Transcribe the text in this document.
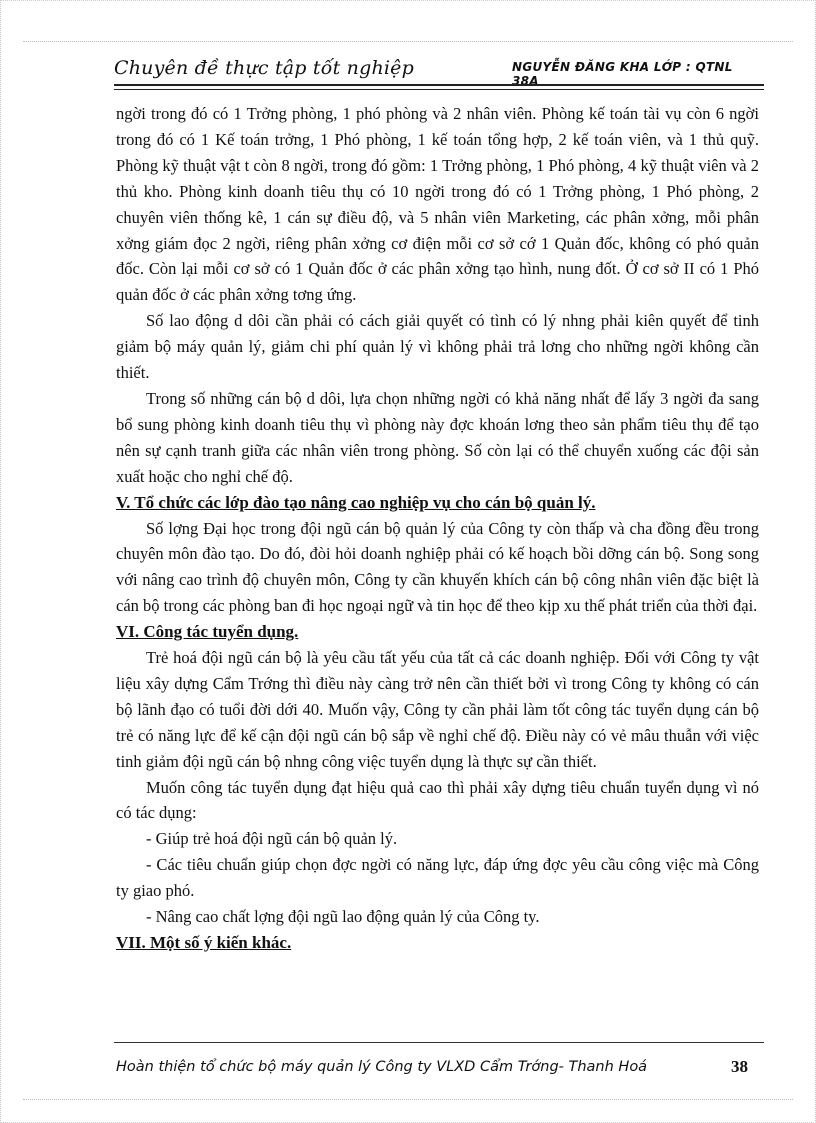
Chuyên đề thực tập tốt nghiệp	NGUYỄN ĐĂNG KHA LỚP : QTNL 38A

ngời trong đó có 1 Trởng phòng, 1 phó phòng và 2 nhân viên. Phòng kế toán tài vụ còn 6 ngời trong đó có 1 Kế toán trởng, 1 Phó phòng, 1 kế toán tổng hợp, 2 kế toán viên, và 1 thủ quỹ. Phòng kỹ thuật vật t còn 8 ngời, trong đó gồm: 1 Trởng phòng, 1 Phó phòng, 4 kỹ thuật viên và 2 thủ kho. Phòng kinh doanh tiêu thụ có 10 ngời trong đó có 1 Trởng phòng, 1 Phó phòng, 2 chuyên viên thống kê, 1 cán sự điều độ, và 5 nhân viên Marketing, các phân xởng, mỗi phân xởng giám đọc 2 ngời, riêng phân xởng cơ điện mỗi cơ sở cớ 1 Quản đốc, không có phó quản đốc. Còn lại mỗi cơ sở có 1 Quản đốc ở các phân xởng tạo hình, nung đốt. Ở cơ sở II có 1 Phó quản đốc ở các phân xởng tơng ứng.

Số lao động d dôi cần phải có cách giải quyết có tình có lý nhng phải kiên quyết để tinh giảm bộ máy quản lý, giảm chi phí quản lý vì không phải trả lơng cho những ngời không cần thiết.

Trong số những cán bộ d dôi, lựa chọn những ngời có khả năng nhất để lấy 3 ngời đa sang bổ sung phòng kinh doanh tiêu thụ vì phòng này đợc khoán lơng theo sản phẩm tiêu thụ để tạo nên sự cạnh tranh giữa các nhân viên trong phòng. Số còn lại có thể chuyển xuống các đội sản xuất hoặc cho nghỉ chế độ.

V. Tổ chức các lớp đào tạo nâng cao nghiệp vụ cho cán bộ quản lý.

Số lợng Đại học trong đội ngũ cán bộ quản lý của Công ty còn thấp và cha đồng đều trong chuyên môn đào tạo. Do đó, đòi hỏi doanh nghiệp phải có kế hoạch bồi dỡng cán bộ. Song song với nâng cao trình độ chuyên môn, Công ty cần khuyến khích cán bộ công nhân viên đặc biệt là cán bộ trong các phòng ban đi học ngoại ngữ và tin học để theo kịp xu thế phát triển của thời đại.

VI. Công tác tuyển dụng.

Trẻ hoá đội ngũ cán bộ là yêu cầu tất yếu của tất cả các doanh nghiệp. Đối với Công ty vật liệu xây dựng Cẩm Trớng thì điều này càng trở nên cần thiết bởi vì trong Công ty không có cán bộ lãnh đạo có tuổi đời dới 40. Muốn vậy, Công ty cần phải làm tốt công tác tuyển dụng cán bộ trẻ có năng lực để kế cận đội ngũ cán bộ sắp về nghỉ chế độ. Điều này có vẻ mâu thuẫn với việc tinh giảm đội ngũ cán bộ nhng công việc tuyển dụng là thực sự cần thiết.

Muốn công tác tuyển dụng đạt hiệu quả cao thì phải xây dựng tiêu chuẩn tuyển dụng vì nó có tác dụng:

- Giúp trẻ hoá đội ngũ cán bộ quản lý.

- Các tiêu chuẩn giúp chọn đợc ngời có năng lực, đáp ứng đợc yêu cầu công việc mà Công ty giao phó.

- Nâng cao chất lợng đội ngũ lao động quản lý của Công ty.

VII. Một số ý kiến khác.
Hoàn thiện tổ chức bộ máy quản lý Công ty VLXD Cẩm Trớng- Thanh Hoá	38
